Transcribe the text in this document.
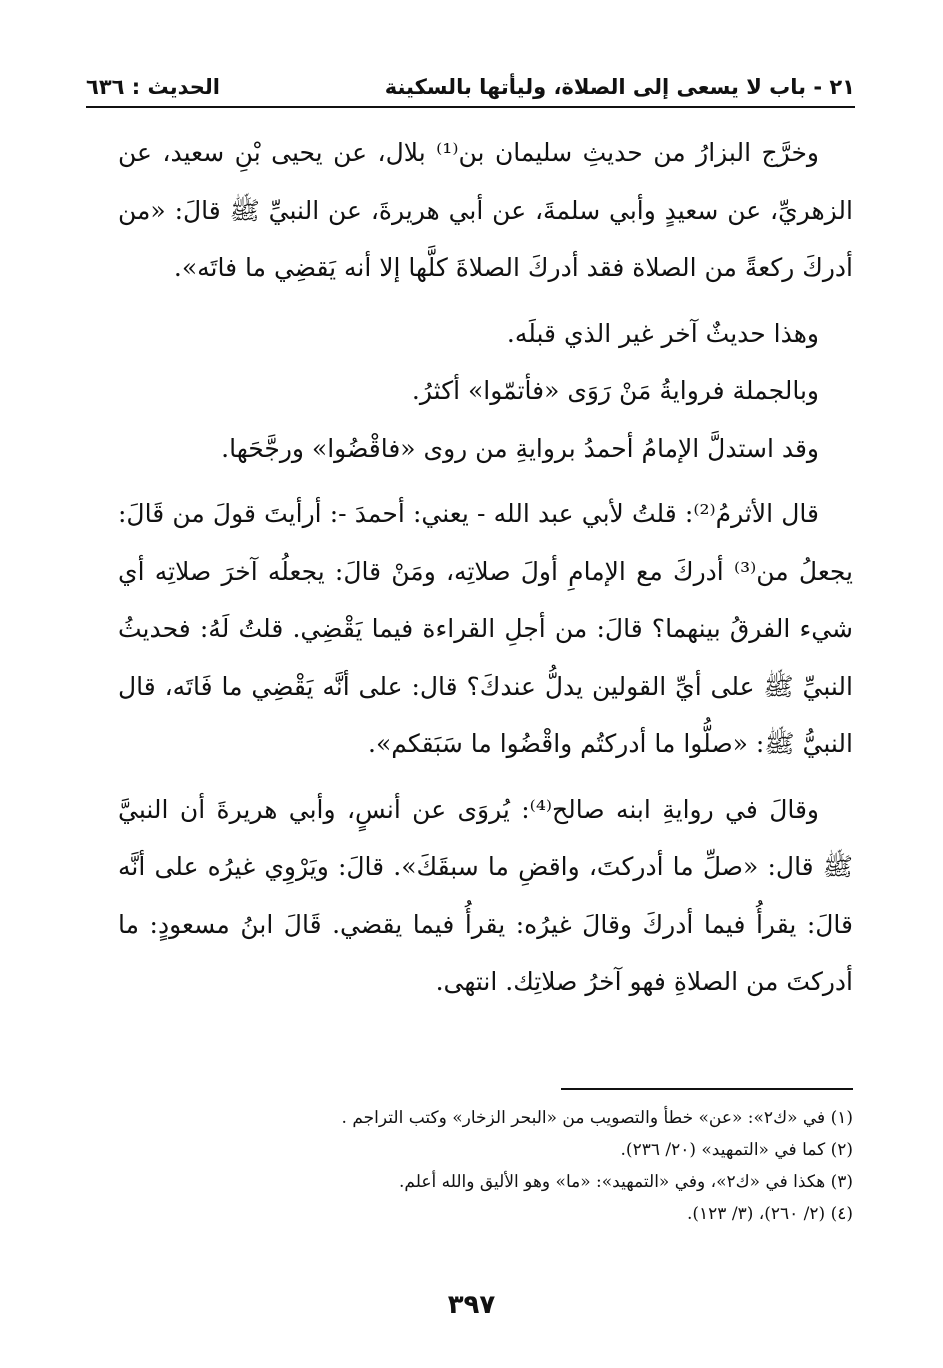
٢١ - باب لا يسعى إلى الصلاة، وليأتها بالسكينة
الحديث : ٦٣٦

وخرَّج البزارُ من حديثِ سليمان بن⁽¹⁾ بلال، عن يحيى بْنِ سعيد، عن الزهريِّ، عن سعيدٍ وأبي سلمةَ، عن أبي هريرةَ، عن النبيِّ ﷺ قالَ: «من أدركَ ركعةً من الصلاة فقد أدركَ الصلاةَ كلَّها إلا أنه يَقضِي ما فاتَه».

وهذا حديثٌ آخر غير الذي قبلَه.

وبالجملة فروايةُ مَنْ رَوَى «فأتمّوا» أكثرُ.

وقد استدلَّ الإمامُ أحمدُ بروايةِ من روى «فاقْضُوا» ورجَّحَها.

قال الأثرمُ⁽²⁾: قلتُ لأبي عبد الله - يعني: أحمدَ -: أرأيتَ قولَ من قَالَ: يجعلُ من⁽³⁾ أدركَ مع الإمامِ أولَ صلاتِه، ومَنْ قالَ: يجعلُه آخرَ صلاتِه أي شيء الفرقُ بينهما؟ قالَ: من أجلِ القراءة فيما يَقْضِي. قلتُ لَهُ: فحديثُ النبيِّ ﷺ على أيِّ القولين يدلُّ عندكَ؟ قال: على أنَّه يَقْضِي ما فَاتَه، قال النبيُّ ﷺ: «صلُّوا ما أدركتُم واقْضُوا ما سَبَقكم».

وقالَ في روايةِ ابنه صالح⁽⁴⁾: يُروَى عن أنسٍ، وأبي هريرةَ أن النبيَّ ﷺ قال: «صلِّ ما أدركتَ، واقضِ ما سبقَكَ». قالَ: ويَرْوِي غيرُه على أنَّه قالَ: يقرأُ فيما أدركَ وقالَ غيرُه: يقرأُ فيما يقضي. قَالَ ابنُ مسعودٍ: ما أدركتَ من الصلاةِ فهو آخرُ صلاتِك. انتهى.

(١) في «ك٢»: «عن» خطأ والتصويب من «البحر الزخار» وكتب التراجم .
(٢) كما في «التمهيد» (٢٠/ ٢٣٦).
(٣) هكذا في «ك٢»، وفي «التمهيد»: «ما» وهو الأليق والله أعلم.
(٤) (٢/ ٢٦٠)، (٣/ ١٢٣).
٣٩٧
